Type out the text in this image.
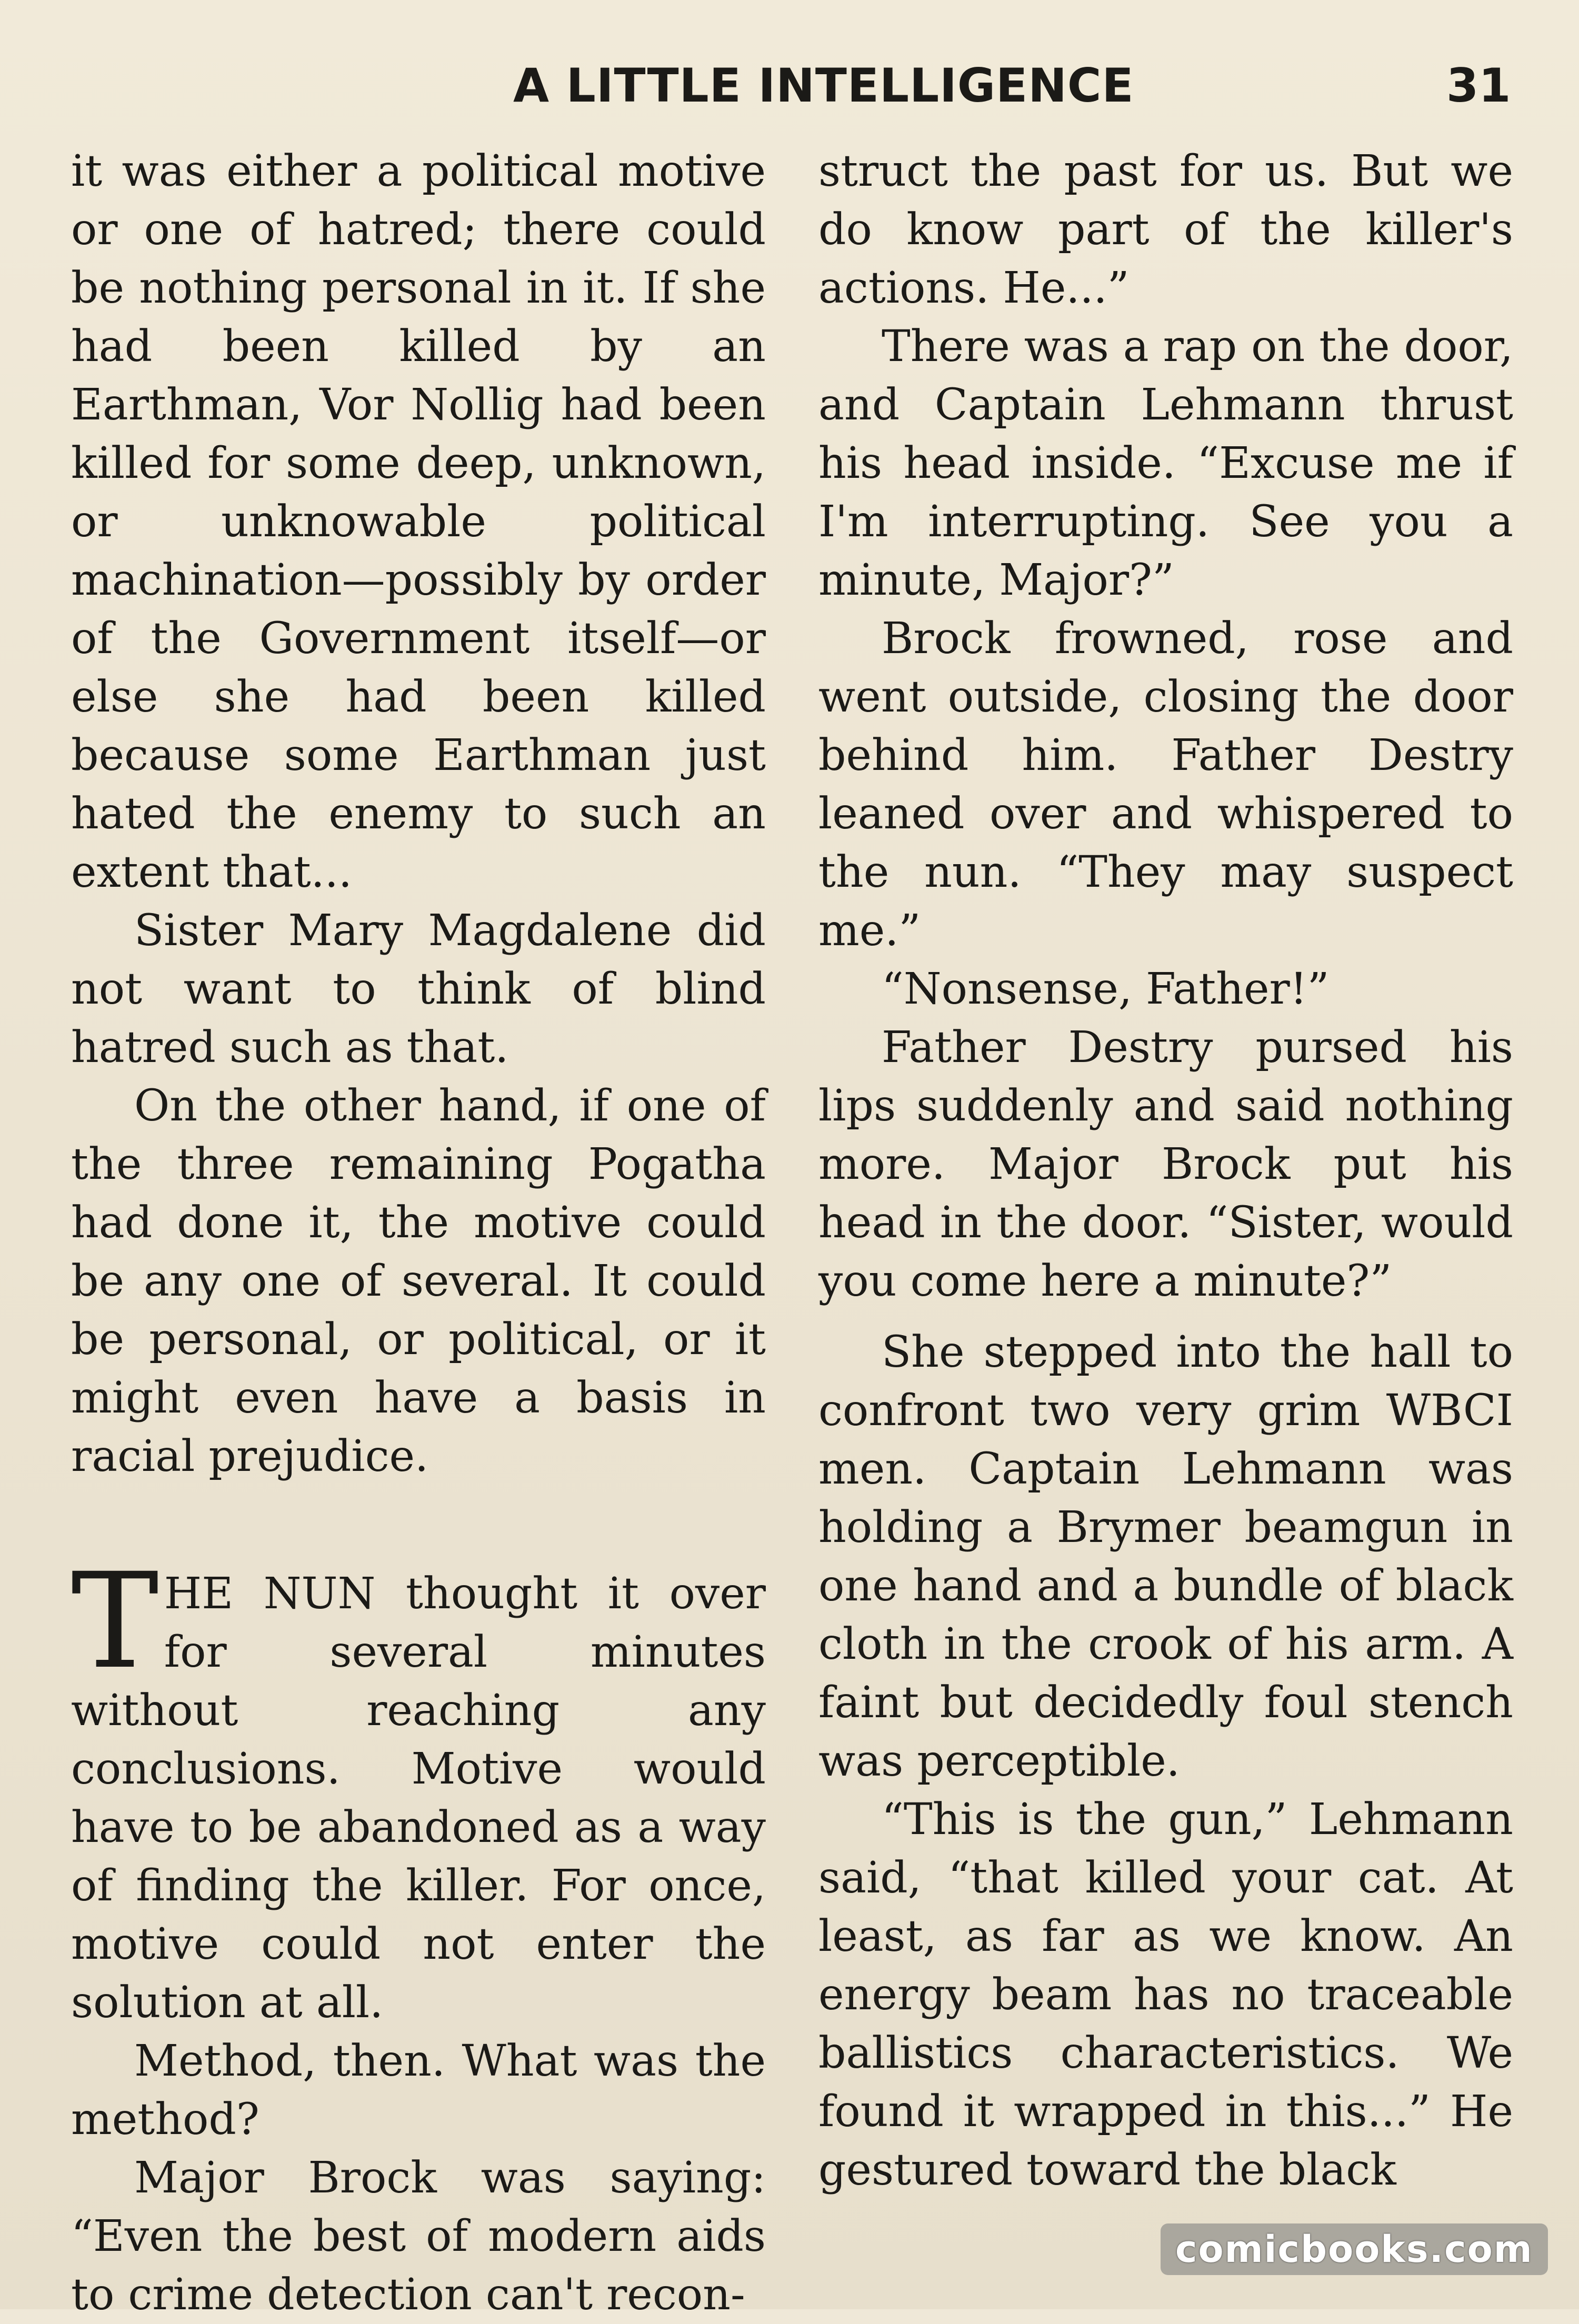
A LITTLE INTELLIGENCE	31

it was either a political motive or one of hatred; there could be nothing personal in it. If she had been killed by an Earthman, Vor Nollig had been killed for some deep, unknown, or unknowable political machination—possibly by order of the Government itself—or else she had been killed because some Earthman just hated the enemy to such an extent that...

Sister Mary Magdalene did not want to think of blind hatred such as that.

On the other hand, if one of the three remaining Pogatha had done it, the motive could be any one of several. It could be personal, or political, or it might even have a basis in racial prejudice.

THE NUN thought it over for several minutes without reaching any conclusions. Motive would have to be abandoned as a way of finding the killer. For once, motive could not enter the solution at all.

Method, then. What was the method?

Major Brock was saying: “Even the best of modern aids to crime detection can't recon-

struct the past for us. But we do know part of the killer's actions. He...”

There was a rap on the door, and Captain Lehmann thrust his head inside. “Excuse me if I'm interrupting. See you a minute, Major?”

Brock frowned, rose and went outside, closing the door behind him. Father Destry leaned over and whispered to the nun. “They may suspect me.”

“Nonsense, Father!”

Father Destry pursed his lips suddenly and said nothing more. Major Brock put his head in the door. “Sister, would you come here a minute?”

She stepped into the hall to confront two very grim WBCI men. Captain Lehmann was holding a Brymer beamgun in one hand and a bundle of black cloth in the crook of his arm. A faint but decidedly foul stench was perceptible.

“This is the gun,” Lehmann said, “that killed your cat. At least, as far as we know. An energy beam has no traceable ballistics characteristics. We found it wrapped in this...” He gestured toward the black

comicbooks.com
